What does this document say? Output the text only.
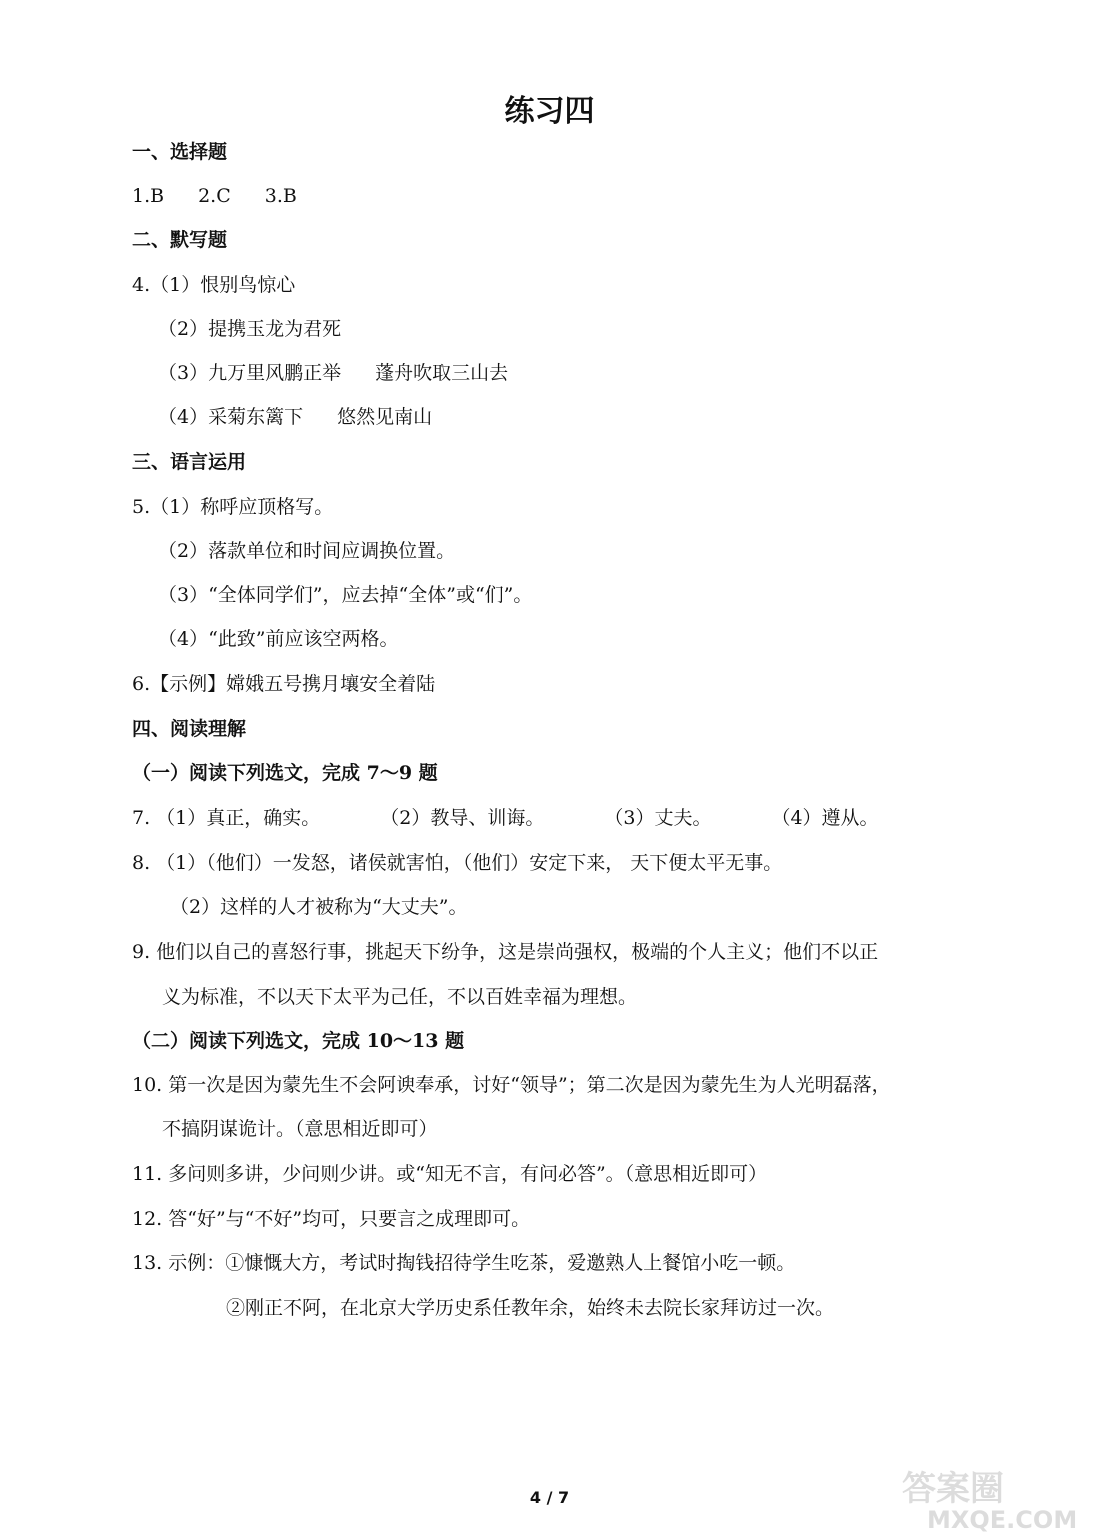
练习四
一、选择题
1.B 2.C 3.B
二、默写题
4.（1）恨别鸟惊心
（2）提携玉龙为君死
（3）九万里风鹏正举 蓬舟吹取三山去
（4）采菊东篱下 悠然见南山
三、语言运用
5.（1）称呼应顶格写。
（2）落款单位和时间应调换位置。
（3）“全体同学们”，应去掉“全体”或“们”。
（4）“此致”前应该空两格。
6.【示例】嫦娥五号携月壤安全着陆
四、阅读理解
（一）阅读下列选文，完成 7～9 题
7. （1）真正，确实。	（2）教导、训诲。	（3）丈夫。	（4）遵从。
8. （1）（他们）一发怒，诸侯就害怕，（他们）安定下来， 天下便太平无事。
（2）这样的人才被称为“大丈夫”。
9. 他们以自己的喜怒行事，挑起天下纷争，这是崇尚强权，极端的个人主义；他们不以正
义为标准，不以天下太平为己任，不以百姓幸福为理想。
（二）阅读下列选文，完成 10～13 题
10. 第一次是因为蒙先生不会阿谀奉承，讨好“领导”；第二次是因为蒙先生为人光明磊落，
不搞阴谋诡计。（意思相近即可）
11. 多问则多讲，少问则少讲。或“知无不言，有问必答”。（意思相近即可）
12. 答“好”与“不好”均可，只要言之成理即可。
13. 示例：①慷慨大方，考试时掏钱招待学生吃茶，爱邀熟人上餐馆小吃一顿。
②刚正不阿，在北京大学历史系任教年余，始终未去院长家拜访过一次。
4 / 7	答案圈
MXQE.COM
